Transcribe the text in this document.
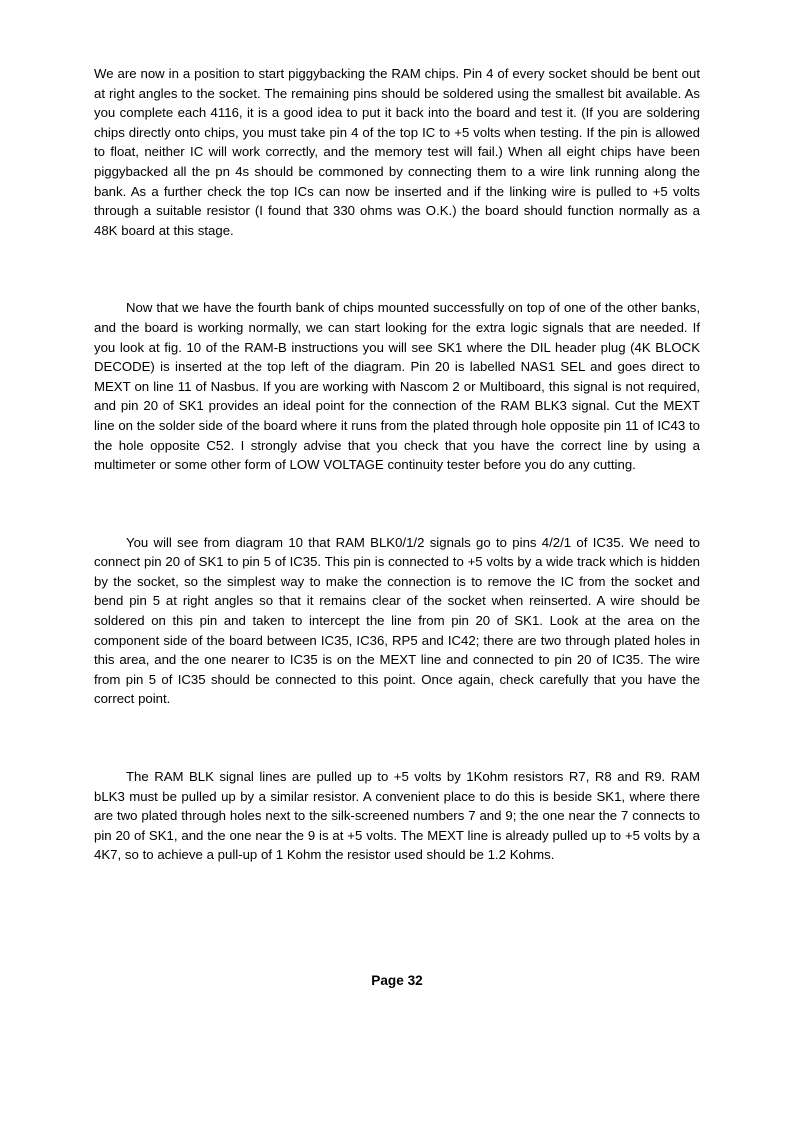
We are now in a position to start piggybacking the RAM chips. Pin 4 of every socket should be bent out at right angles to the socket. The remaining pins should be soldered using the smallest bit available. As you complete each 4116, it is a good idea to put it back into the board and test it. (If you are soldering chips directly onto chips, you must take pin 4 of the top IC to +5 volts when testing. If the pin is allowed to float, neither IC will work correctly, and the memory test will fail.) When all eight chips have been piggybacked all the pn 4s should be commoned by connecting them to a wire link running along the bank. As a further check the top ICs can now be inserted and if the linking wire is pulled to +5 volts through a suitable resistor (I found that 330 ohms was O.K.) the board should function normally as a 48K board at this stage.

Now that we have the fourth bank of chips mounted successfully on top of one of the other banks, and the board is working normally, we can start looking for the extra logic signals that are needed. If you look at fig. 10 of the RAM-B instructions you will see SK1 where the DIL header plug (4K BLOCK DECODE) is inserted at the top left of the diagram. Pin 20 is labelled NAS1 SEL and goes direct to MEXT on line 11 of Nasbus. If you are working with Nascom 2 or Multiboard, this signal is not required, and pin 20 of SK1 provides an ideal point for the connection of the RAM BLK3 signal. Cut the MEXT line on the solder side of the board where it runs from the plated through hole opposite pin 11 of IC43 to the hole opposite C52. I strongly advise that you check that you have the correct line by using a multimeter or some other form of LOW VOLTAGE continuity tester before you do any cutting.

You will see from diagram 10 that RAM BLK0/1/2 signals go to pins 4/2/1 of IC35. We need to connect pin 20 of SK1 to pin 5 of IC35. This pin is connected to +5 volts by a wide track which is hidden by the socket, so the simplest way to make the connection is to remove the IC from the socket and bend pin 5 at right angles so that it remains clear of the socket when reinserted. A wire should be soldered on this pin and taken to intercept the line from pin 20 of SK1. Look at the area on the component side of the board between IC35, IC36, RP5 and IC42; there are two through plated holes in this area, and the one nearer to IC35 is on the MEXT line and connected to pin 20 of IC35. The wire from pin 5 of IC35 should be connected to this point. Once again, check carefully that you have the correct point.

The RAM BLK signal lines are pulled up to +5 volts by 1Kohm resistors R7, R8 and R9. RAM bLK3 must be pulled up by a similar resistor. A convenient place to do this is beside SK1, where there are two plated through holes next to the silk-screened numbers 7 and 9; the one near the 7 connects to pin 20 of SK1, and the one near the 9 is at +5 volts. The MEXT line is already pulled up to +5 volts by a 4K7, so to achieve a pull-up of 1 Kohm the resistor used should be 1.2 Kohms.

Page 32
